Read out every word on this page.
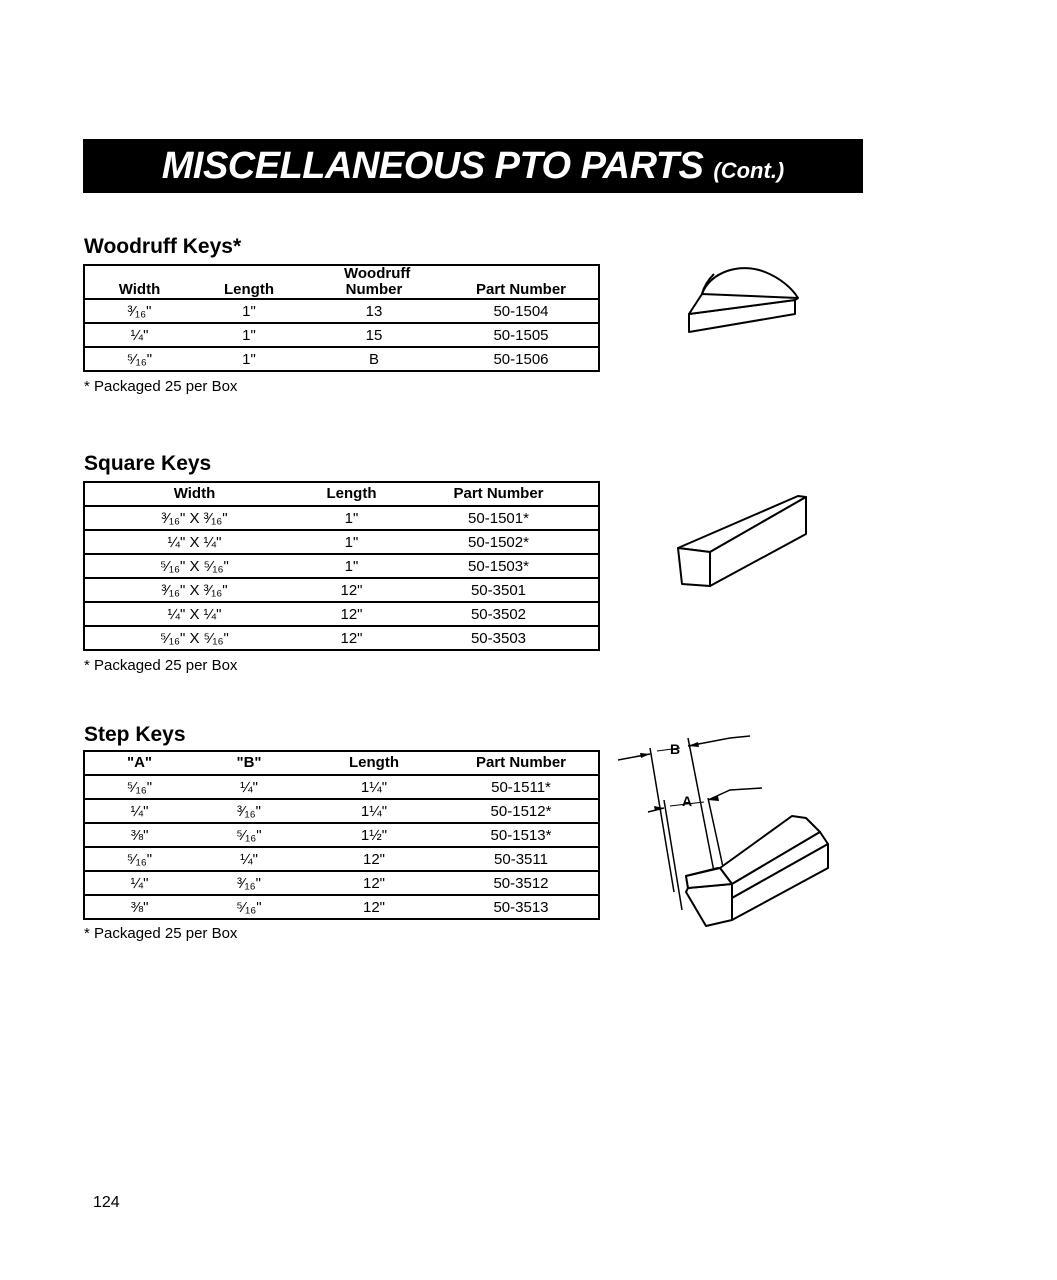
MISCELLANEOUS PTO PARTS (Cont.)
Woodruff Keys*
Width	Length	Woodruff Number	Part Number
³⁄₁₆"	1"	13	50-1504
¼"	1"	15	50-1505
⁵⁄₁₆"	1"	B	50-1506

* Packaged 25 per Box

Square Keys
Width	Length	Part Number
³⁄₁₆" X ³⁄₁₆"	1"	50-1501*
¼" X ¼"	1"	50-1502*
⁵⁄₁₆" X ⁵⁄₁₆"	1"	50-1503*
³⁄₁₆" X ³⁄₁₆"	12"	50-3501
¼" X ¼"	12"	50-3502
⁵⁄₁₆" X ⁵⁄₁₆"	12"	50-3503

* Packaged 25 per Box

Step Keys
"A"	"B"	Length	Part Number
⁵⁄₁₆"	¼"	1¼"	50-1511*
¼"	³⁄₁₆"	1¼"	50-1512*
⅜"	⁵⁄₁₆"	1½"	50-1513*
⁵⁄₁₆"	¼"	12"	50-3511
¼"	³⁄₁₆"	12"	50-3512
⅜"	⁵⁄₁₆"	12"	50-3513

* Packaged 25 per Box

B
A
124
